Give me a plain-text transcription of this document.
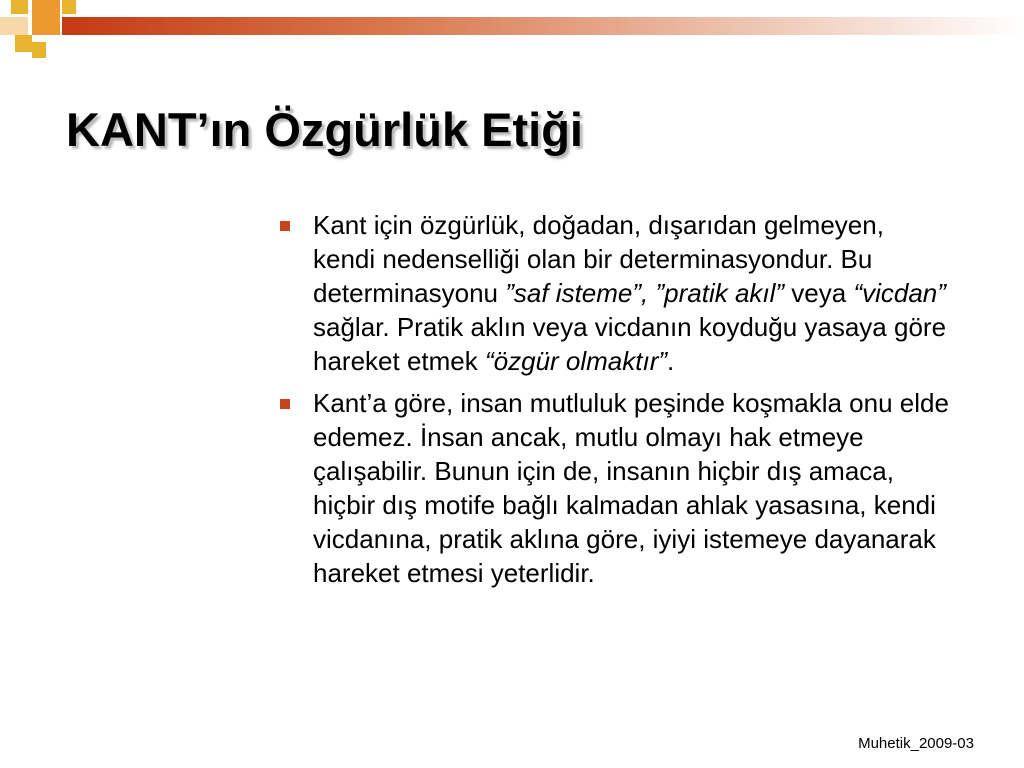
KANT’ın Özgürlük Etiği
Kant için özgürlük, doğadan, dışarıdan gelmeyen, kendi nedenselliği olan bir determinasyondur. Bu determinasyonu ”saf isteme”, ”pratik akıl” veya “vicdan” sağlar. Pratik aklın veya vicdanın koyduğu yasaya göre hareket etmek “özgür olmaktır”.
Kant’a göre, insan mutluluk peşinde koşmakla onu elde edemez. İnsan ancak, mutlu olmayı hak etmeye çalışabilir. Bunun için de, insanın hiçbir dış amaca, hiçbir dış motife bağlı kalmadan ahlak yasasına, kendi vicdanına, pratik aklına göre, iyiyi istemeye dayanarak hareket etmesi yeterlidir.
Muhetik_2009-03
